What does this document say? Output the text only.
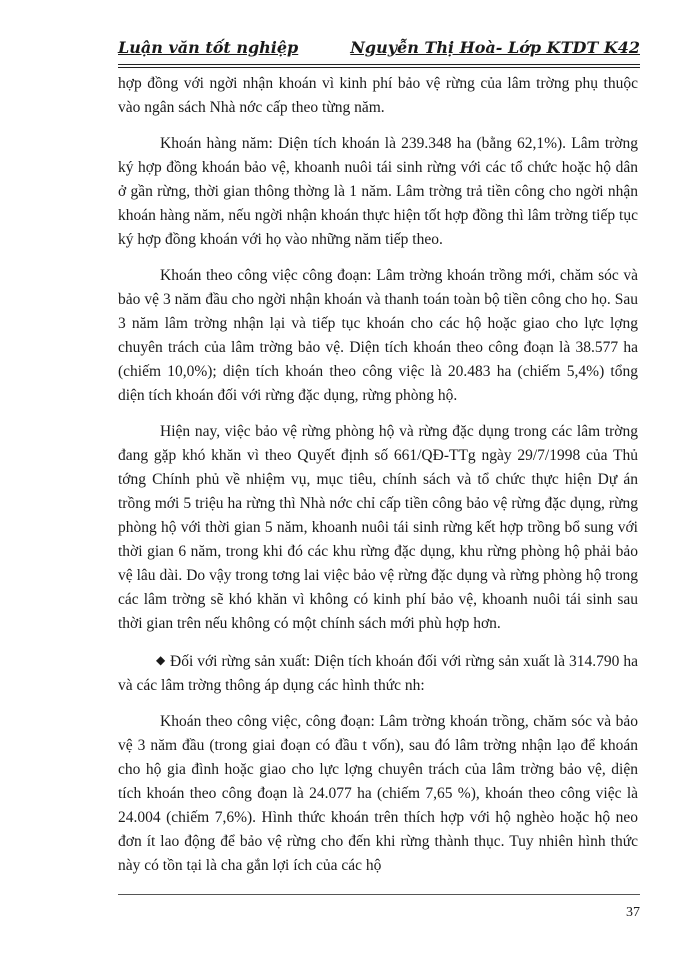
Luận văn tốt nghiệp	Nguyễn Thị Hoà- Lớp KTDT K42

hợp đồng với ngời nhận khoán vì kinh phí bảo vệ rừng của lâm trờng phụ thuộc vào ngân sách Nhà nớc cấp theo từng năm.

Khoán hàng năm: Diện tích khoán là 239.348 ha (bằng 62,1%). Lâm trờng ký hợp đồng khoán bảo vệ, khoanh nuôi tái sinh rừng với các tổ chức hoặc hộ dân ở gần rừng, thời gian thông thờng là 1 năm. Lâm trờng trả tiền công cho ngời nhận khoán hàng năm, nếu ngời nhận khoán thực hiện tốt hợp đồng thì lâm trờng tiếp tục ký hợp đồng khoán với họ vào những năm tiếp theo.

Khoán theo công việc công đoạn: Lâm trờng khoán trồng mới, chăm sóc và bảo vệ 3 năm đầu cho ngời nhận khoán và thanh toán toàn bộ tiền công cho họ. Sau 3 năm lâm trờng nhận lại và tiếp tục khoán cho các hộ hoặc giao cho lực lợng chuyên trách của lâm trờng bảo vệ. Diện tích khoán theo công đoạn là 38.577 ha (chiếm 10,0%); diện tích khoán theo công việc là 20.483 ha (chiếm 5,4%) tổng diện tích khoán đối với rừng đặc dụng, rừng phòng hộ.

Hiện nay, việc bảo vệ rừng phòng hộ và rừng đặc dụng trong các lâm trờng đang gặp khó khăn vì theo Quyết định số 661/QĐ-TTg ngày 29/7/1998 của Thủ tớng Chính phủ về nhiệm vụ, mục tiêu, chính sách và tổ chức thực hiện Dự án trồng mới 5 triệu ha rừng thì Nhà nớc chỉ cấp tiền công bảo vệ rừng đặc dụng, rừng phòng hộ với thời gian 5 năm, khoanh nuôi tái sinh rừng kết hợp trồng bổ sung với thời gian 6 năm, trong khi đó các khu rừng đặc dụng, khu rừng phòng hộ phải bảo vệ lâu dài. Do vậy trong tơng lai việc bảo vệ rừng đặc dụng và rừng phòng hộ trong các lâm trờng sẽ khó khăn vì không có kinh phí bảo vệ, khoanh nuôi tái sinh sau thời gian trên nếu không có một chính sách mới phù hợp hơn.

◆ Đối với rừng sản xuất: Diện tích khoán đối với rừng sản xuất là 314.790 ha và các lâm trờng thông áp dụng các hình thức nh:

Khoán theo công việc, công đoạn: Lâm trờng khoán trồng, chăm sóc và bảo vệ 3 năm đầu (trong giai đoạn có đầu t vốn), sau đó lâm trờng nhận lạo để khoán cho hộ gia đình hoặc giao cho lực lợng chuyên trách của lâm trờng bảo vệ, diện tích khoán theo công đoạn là 24.077 ha (chiếm 7,65 %), khoán theo công việc là 24.004 (chiếm 7,6%). Hình thức khoán trên thích hợp với hộ nghèo hoặc hộ neo đơn ít lao động để bảo vệ rừng cho đến khi rừng thành thục. Tuy nhiên hình thức này có tồn tại là cha gắn lợi ích của các hộ

37
